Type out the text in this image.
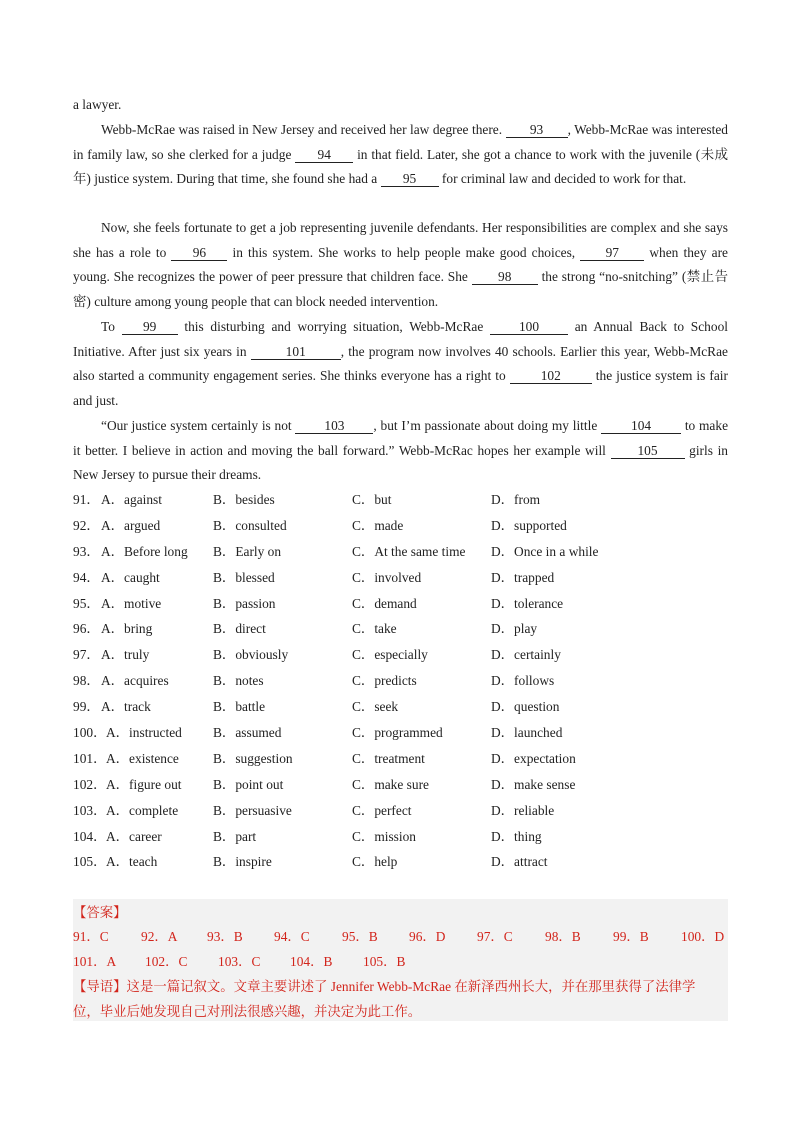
a lawyer.

Webb-McRae was raised in New Jersey and received her law degree there. 93 , Webb-McRae was interested in family law, so she clerked for a judge 94 in that field. Later, she got a chance to work with the juvenile (未成年) justice system. During that time, she found she had a 95 for criminal law and decided to work for that.

Now, she feels fortunate to get a job representing juvenile defendants. Her responsibilities are complex and she says she has a role to 96 in this system. She works to help people make good choices, 97 when they are young. She recognizes the power of peer pressure that children face. She 98 the strong “no-snitching” (禁止告密) culture among young people that can block needed intervention.

To 99 this disturbing and worrying situation, Webb-McRae 100 an Annual Back to School Initiative. After just six years in	101	, the program now involves 40 schools. Earlier this year, Webb-McRae also started a community engagement series. She thinks everyone has a right to 102 the justice system is fair and just.

“Our justice system certainly is not 103 , but I’m passionate about doing my little 104 to make it better. I believe in action and moving the ball forward.” Webb-McRac hopes her example will 105 girls in New Jersey to pursue their dreams.

91． A．against	B．besides	C．but	D．from
92． A．argued	B．consulted	C．made	D．supported
93． A．Before long B．Early on	C．At the same time D．Once in a while
94． A．caught	B．blessed	C．involved	D．trapped
95． A．motive	B．passion	C．demand	D．tolerance
96． A．bring	B．direct	C．take	D．play
97． A．truly	B．obviously	C．especially	D．certainly
98． A．acquires	B．notes	C．predicts	D．follows
99． A．track	B．battle	C．seek	D．question
100． A．instructed B．assumed	C．programmed	D．launched
101． A．existence	B．suggestion	C．treatment	D．expectation
102． A．figure out B．point out	C．make sure	D．make sense
103． A．complete	B．persuasive	C．perfect	D．reliable
104． A．career	B．part	C．mission	D．thing
105． A．teach	B．inspire	C．help	D．attract
【答案】
91．C 92．A 93．B 94．C 95．B 96．D 97．C 98．B 99．B 100．D
101．A 102．C 103．C 104．B 105．B
【导语】这是一篇记叙文。文章主要讲述了 Jennifer Webb-McRae 在新泽西州长大，并在那里获得了法律学
位，毕业后她发现自己对刑法很感兴趣，并决定为此工作。
